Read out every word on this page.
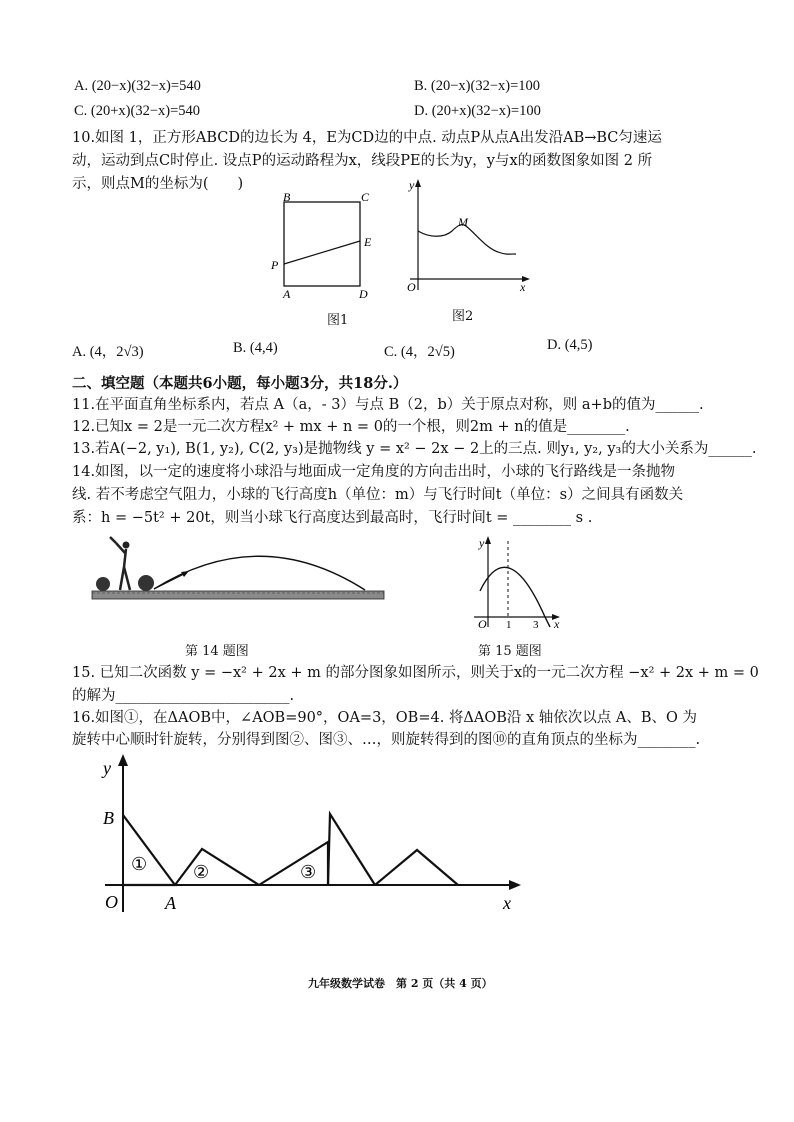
A. (20−x)(32−x)=540	B. (20−x)(32−x)=100
C. (20+x)(32−x)=540	D. (20+x)(32−x)=100
10.如图 1，正方形ABCD的边长为 4，E为CD边的中点. 动点P从点A出发沿AB→BC匀速运
动，运动到点C时停止. 设点P的运动路程为x，线段PE的长为y，y与x的函数图象如图 2 所
示，则点M的坐标为(　　)
B	C
E
P
A	D
图1
y
M
O	x
图2
A. (4，2√3)	B. (4,4)	C. (4，2√5)	D. (4,5)
二、填空题（本题共6小题，每小题3分，共18分.）
11.在平面直角坐标系内，若点 A（a，- 3）与点 B（2，b）关于原点对称，则 a+b的值为______.
12.已知x = 2是一元二次方程x² + mx + n = 0的一个根，则2m + n的值是________.
13.若A(−2, y₁), B(1, y₂), C(2, y₃)是抛物线 y = x² − 2x − 2上的三点. 则y₁, y₂, y₃的大小关系为______.
14.如图，以一定的速度将小球沿与地面成一定角度的方向击出时，小球的飞行路线是一条抛物
线. 若不考虑空气阻力，小球的飞行高度h（单位：m）与飞行时间t（单位：s）之间具有函数关
系：h = −5t² + 20t，则当小球飞行高度达到最高时，飞行时间t = ________ s .
第 14 题图
y
O 1 3 x
第 15 题图
15. 已知二次函数 y = −x² + 2x + m 的部分图象如图所示，则关于x的一元二次方程 −x² + 2x + m = 0
的解为________________________.
16.如图①，在ΔAOB中，∠AOB=90°，OA=3，OB=4. 将ΔAOB沿 x 轴依次以点 A、B、O 为
旋转中心顺时针旋转，分别得到图②、图③、…，则旋转得到的图⑩的直角顶点的坐标为________.
B
O	A
y
x
①	②	③
九年级数学试卷　第 2 页（共 4 页）
